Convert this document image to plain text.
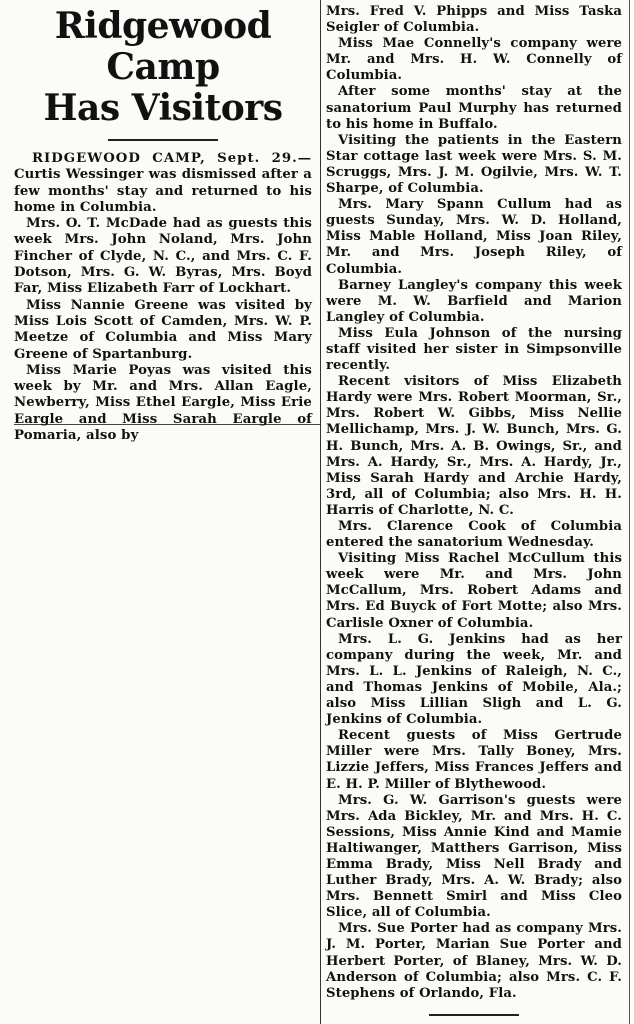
Ridgewood Camp
Has Visitors

RIDGEWOOD CAMP, Sept. 29.—Curtis Wessinger was dismissed after a few months' stay and returned to his home in Columbia.

Mrs. O. T. McDade had as guests this week Mrs. John Noland, Mrs. John Fincher of Clyde, N. C., and Mrs. C. F. Dotson, Mrs. G. W. Byras, Mrs. Boyd Far, Miss Elizabeth Farr of Lockhart.

Miss Nannie Greene was visited by Miss Lois Scott of Camden, Mrs. W. P. Meetze of Columbia and Miss Mary Greene of Spartanburg.

Miss Marie Poyas was visited this week by Mr. and Mrs. Allan Eagle, Newberry, Miss Ethel Eargle, Miss Erie Eargle and Miss Sarah Eargle of Pomaria, also by

Mrs. Fred V. Phipps and Miss Taska Seigler of Columbia.

Miss Mae Connelly's company were Mr. and Mrs. H. W. Connelly of Columbia.

After some months' stay at the sanatorium Paul Murphy has returned to his home in Buffalo.

Visiting the patients in the Eastern Star cottage last week were Mrs. S. M. Scruggs, Mrs. J. M. Ogilvie, Mrs. W. T. Sharpe, of Columbia.

Mrs. Mary Spann Cullum had as guests Sunday, Mrs. W. D. Holland, Miss Mable Holland, Miss Joan Riley, Mr. and Mrs. Joseph Riley, of Columbia.

Barney Langley's company this week were M. W. Barfield and Marion Langley of Columbia.

Miss Eula Johnson of the nursing staff visited her sister in Simpsonville recently.

Recent visitors of Miss Elizabeth Hardy were Mrs. Robert Moorman, Sr., Mrs. Robert W. Gibbs, Miss Nellie Mellichamp, Mrs. J. W. Bunch, Mrs. G. H. Bunch, Mrs. A. B. Owings, Sr., and Mrs. A. Hardy, Sr., Mrs. A. Hardy, Jr., Miss Sarah Hardy and Archie Hardy, 3rd, all of Columbia; also Mrs. H. H. Harris of Charlotte, N. C.

Mrs. Clarence Cook of Columbia entered the sanatorium Wednesday.

Visiting Miss Rachel McCullum this week were Mr. and Mrs. John McCallum, Mrs. Robert Adams and Mrs. Ed Buyck of Fort Motte; also Mrs. Carlisle Oxner of Columbia.

Mrs. L. G. Jenkins had as her company during the week, Mr. and Mrs. L. L. Jenkins of Raleigh, N. C., and Thomas Jenkins of Mobile, Ala.; also Miss Lillian Sligh and L. G. Jenkins of Columbia.

Recent guests of Miss Gertrude Miller were Mrs. Tally Boney, Mrs. Lizzie Jeffers, Miss Frances Jeffers and E. H. P. Miller of Blythewood.

Mrs. G. W. Garrison's guests were Mrs. Ada Bickley, Mr. and Mrs. H. C. Sessions, Miss Annie Kind and Mamie Haltiwanger, Matthers Garrison, Miss Emma Brady, Miss Nell Brady and Luther Brady, Mrs. A. W. Brady; also Mrs. Bennett Smirl and Miss Cleo Slice, all of Columbia.

Mrs. Sue Porter had as company Mrs. J. M. Porter, Marian Sue Porter and Herbert Porter, of Blaney, Mrs. W. D. Anderson of Columbia; also Mrs. C. F. Stephens of Orlando, Fla.
